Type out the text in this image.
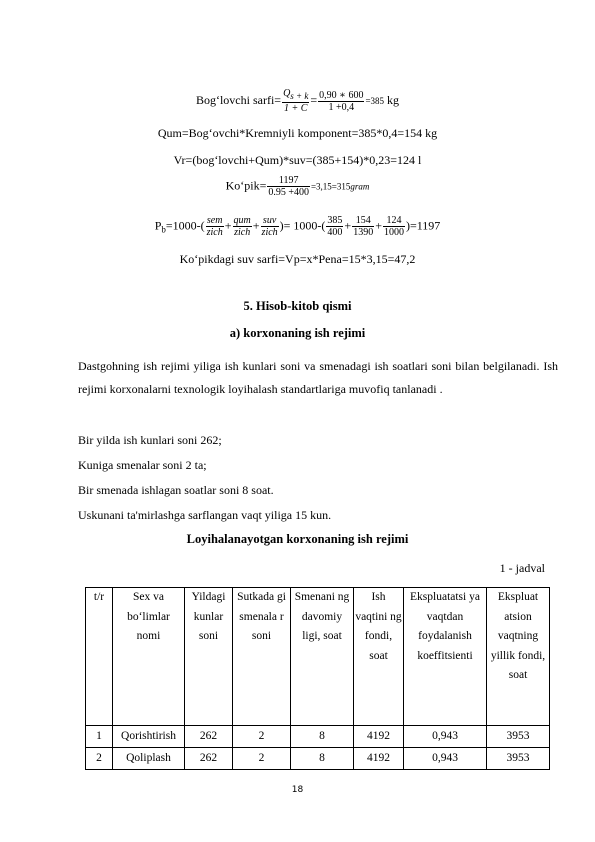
Bog‘lovchi sarfi= $\frac{Q_{s + k}}{1 + C} = \frac{0,90 ∗ 600}{1 +0,4} =385$ kg
Qum=Bog‘ovchi*Kremniyli komponent=385*0,4=154 kg
Vr=(bog‘lovchi+Qum)*suv=(385+154)*0,23=124 l
Ko‘pik= $\frac{1197}{0.95 +400}$ =3,15=315gram
$P_b=1000-( \frac{\text{sem}}{\text{zich}} + \frac{\text{qum}}{\text{zich}} + \frac{\text{suv}}{\text{zich}}$ )= $1000-( \frac{385}{400} + \frac{154}{1390} + \frac{124}{1000} )=1197$
Ko‘pikdagi suv sarfi=Vp=x*Pena=15*3,15=47,2
5. Hisob-kitob qismi
a) korxonaning ish rejimi
Dastgohning ish rejimi yiliga ish kunlari soni va smenadagi ish soatlari soni bilan belgilanadi. Ish rejimi korxonalarni texnologik loyihalash standartlariga muvofiq tanlanadi .
Bir yilda ish kunlari soni 262;
Kuniga smenalar soni 2 ta;
Bir smenada ishlagan soatlar soni 8 soat.
Uskunani ta'mirlashga sarflangan vaqt yiliga 15 kun.
Loyihalanayotgan korxonaning ish rejimi
1 - jadval
t/r	Sex va bo‘limlar nomi	Yildagi kunlar soni	Sutkada gi smenala r soni	Smenani ng davomiy ligi, soat	Ish vaqtini ng fondi, soat	Ekspluatatsi ya vaqtdan foydalanish koeffitsienti	Ekspluat atsion vaqtning yillik fondi, soat
1	Qorishtirish	262	2	8	4192	0,943	3953
2	Qoliplash	262	2	8	4192	0,943	3953
18
